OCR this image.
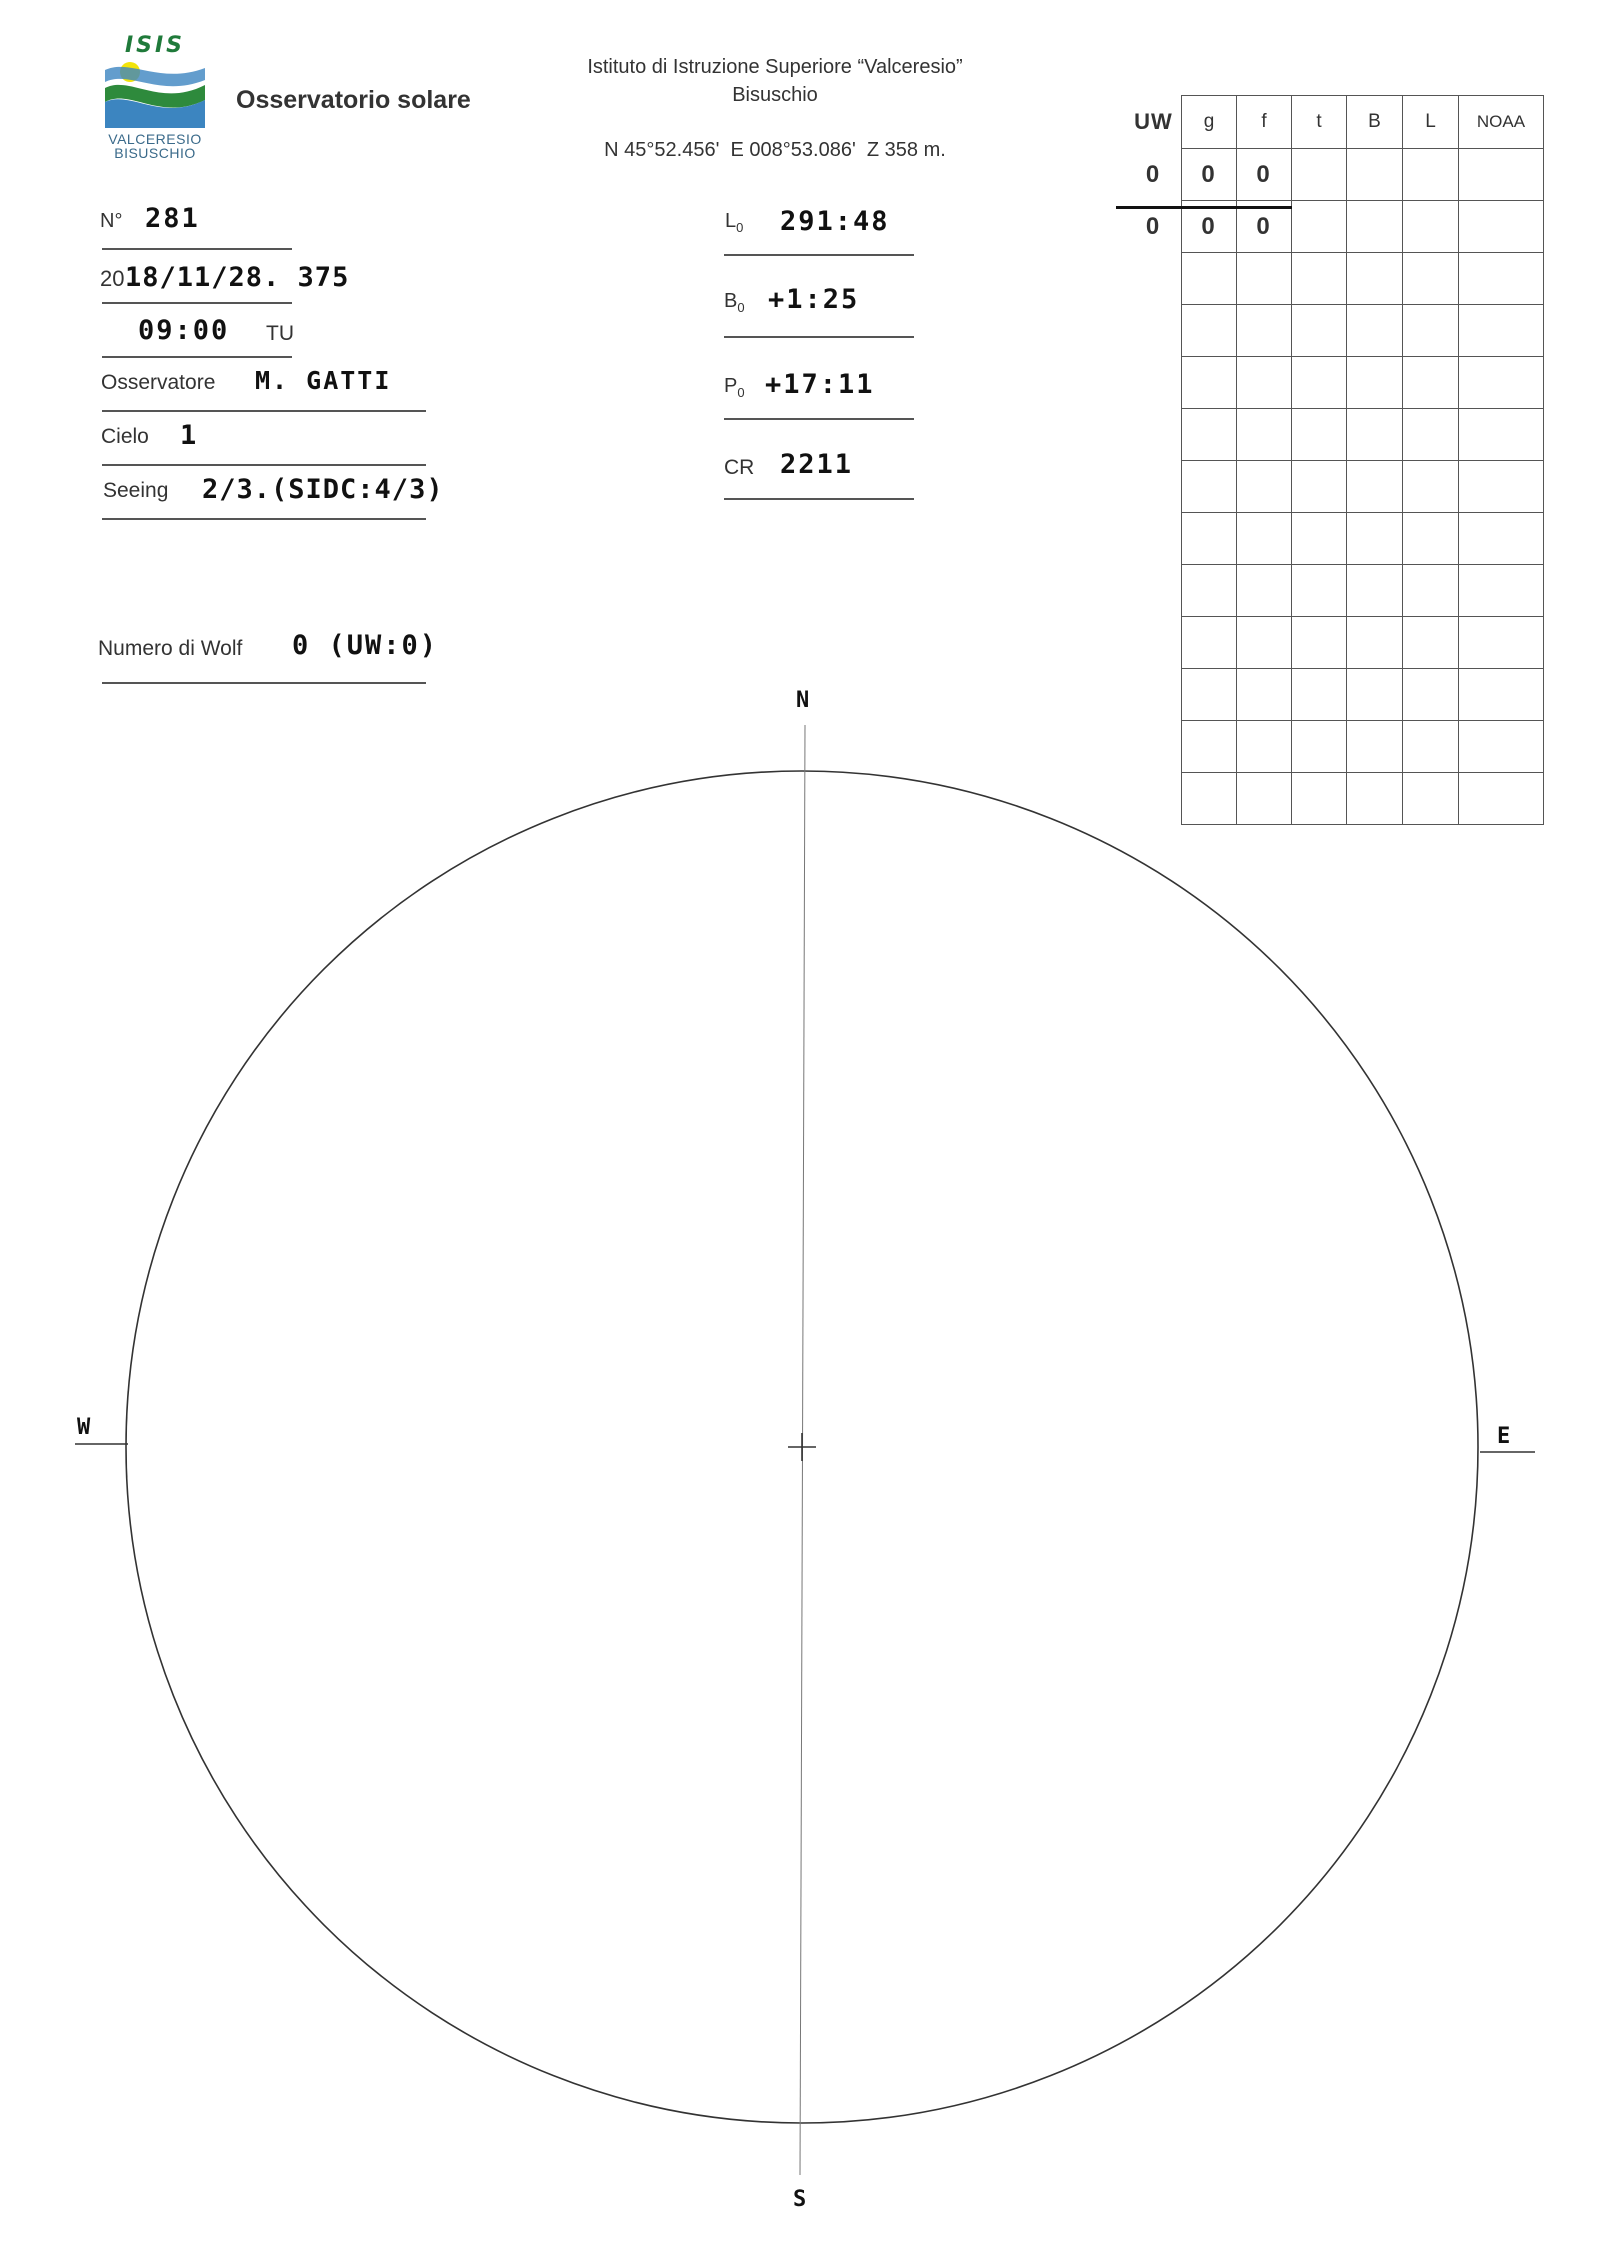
ISIS
VALCERESIO
BISUSCHIO
Osservatorio solare
Istituto di Istruzione Superiore “Valceresio”
Bisuschio
N 45°52.456'  E 008°53.086'  Z 358 m.
N° 281
20 18/11/28. 375
09:00 TU
Osservatore M. GATTI
Cielo 1
Seeing 2/3.(SIDC:4/3)
Numero di Wolf 0 (UW:0)
$L_0$ 291:48
$B_0$ +1:25
$P_0$ +17:11
CR 2211
UW	g	f	t	B	L	NOAA
0	0	0				
0	0	0				

N
S
E
W
